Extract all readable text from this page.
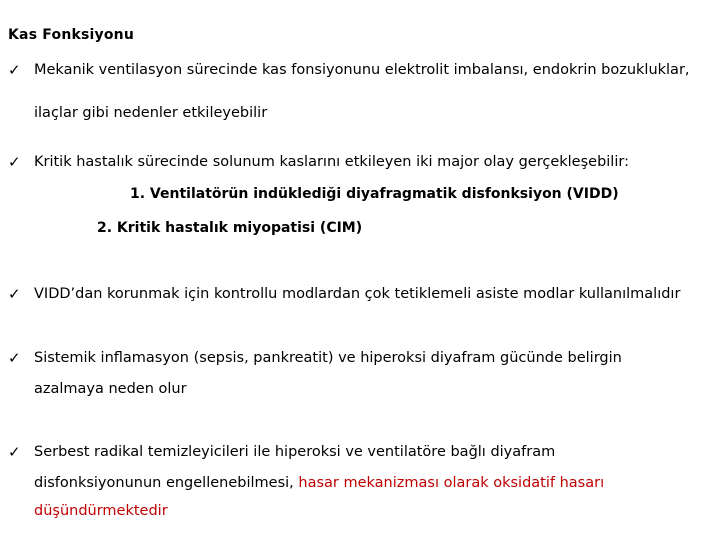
Kas Fonksiyonu
✓ Mekanik ventilasyon sürecinde kas fonsiyonunu elektrolit imbalansı, endokrin bozukluklar,
ilaçlar gibi nedenler etkileyebilir
✓ Kritik hastalık sürecinde solunum kaslarını etkileyen iki major olay gerçekleşebilir:
1. Ventilatörün indüklediği diyafragmatik disfonksiyon (VIDD)
2. Kritik hastalık miyopatisi (CIM)
✓ VIDD’dan korunmak için kontrollu modlardan çok tetiklemeli asiste modlar kullanılmalıdır
✓ Sistemik inflamasyon (sepsis, pankreatit) ve hiperoksi diyafram gücünde belirgin
azalmaya neden olur
✓ Serbest radikal temizleyicileri ile hiperoksi ve ventilatöre bağlı diyafram
disfonksiyonunun engellenebilmesi, hasar mekanizması olarak oksidatif hasarı
düşündürmektedir
